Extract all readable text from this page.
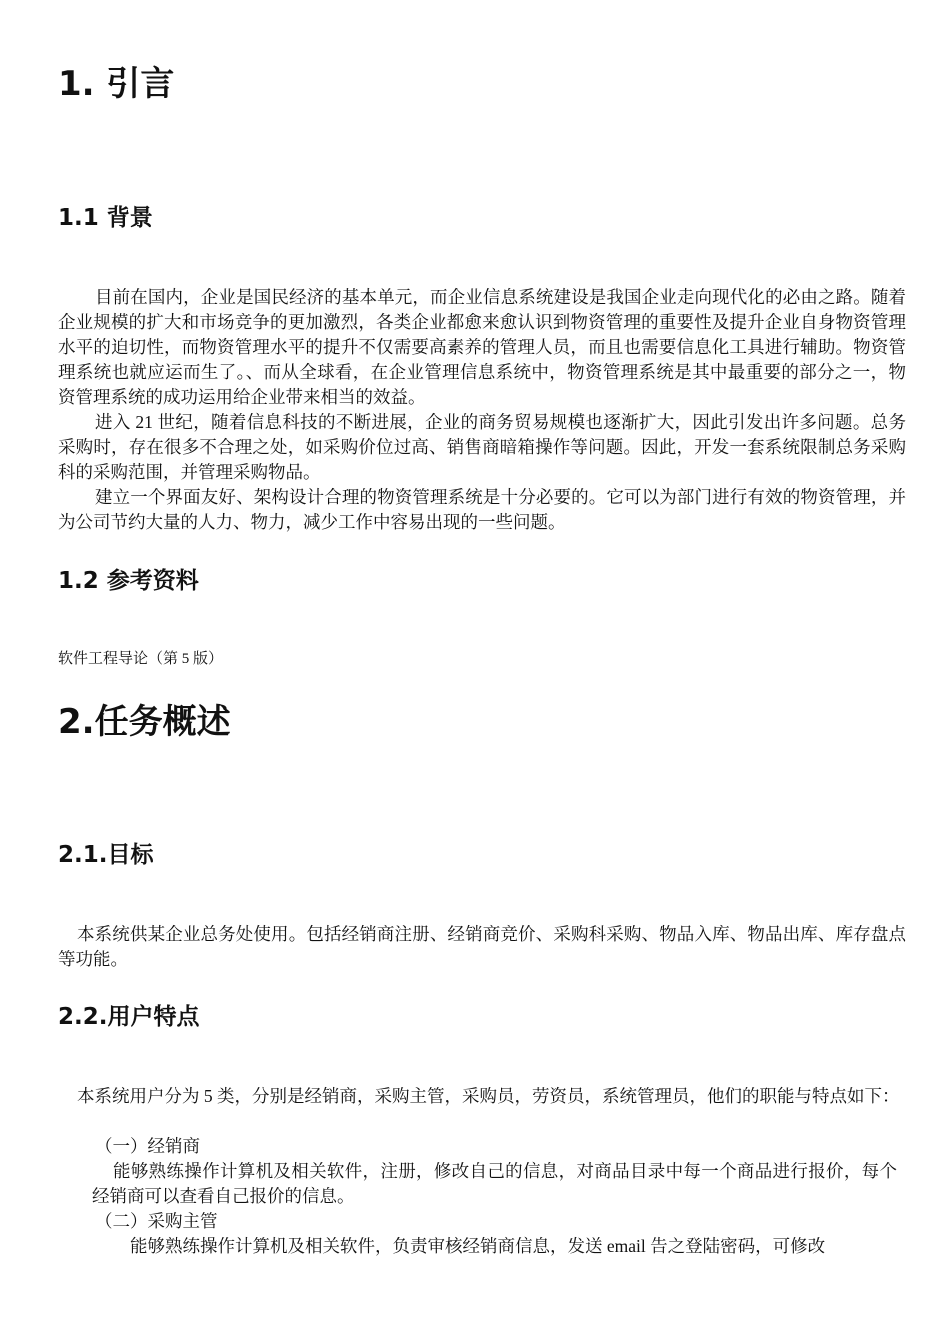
1. 引言
1.1 背景

目前在国内，企业是国民经济的基本单元，而企业信息系统建设是我国企业走向现代化的必由之路。随着企业规模的扩大和市场竞争的更加激烈，各类企业都愈来愈认识到物资管理的重要性及提升企业自身物资管理水平的迫切性，而物资管理水平的提升不仅需要高素养的管理人员，而且也需要信息化工具进行辅助。物资管理系统也就应运而生了。、而从全球看，在企业管理信息系统中，物资管理系统是其中最重要的部分之一，物资管理系统的成功运用给企业带来相当的效益。

进入 21 世纪，随着信息科技的不断进展，企业的商务贸易规模也逐渐扩大，因此引发出许多问题。总务采购时，存在很多不合理之处，如采购价位过高、销售商暗箱操作等问题。因此，开发一套系统限制总务采购科的采购范围，并管理采购物品。

建立一个界面友好、架构设计合理的物资管理系统是十分必要的。它可以为部门进行有效的物资管理，并为公司节约大量的人力、物力，减少工作中容易出现的一些问题。

1.2 参考资料

软件工程导论（第 5 版）

2.任务概述
2.1.目标

本系统供某企业总务处使用。包括经销商注册、经销商竞价、采购科采购、物品入库、物品出库、库存盘点等功能。

2.2.用户特点

本系统用户分为 5 类，分别是经销商，采购主管，采购员，劳资员，系统管理员，他们的职能与特点如下：

（一）经销商

能够熟练操作计算机及相关软件，注册，修改自己的信息，对商品目录中每一个商品进行报价，每个经销商可以查看自己报价的信息。

（二）采购主管

能够熟练操作计算机及相关软件，负责审核经销商信息，发送 email 告之登陆密码，可修改
